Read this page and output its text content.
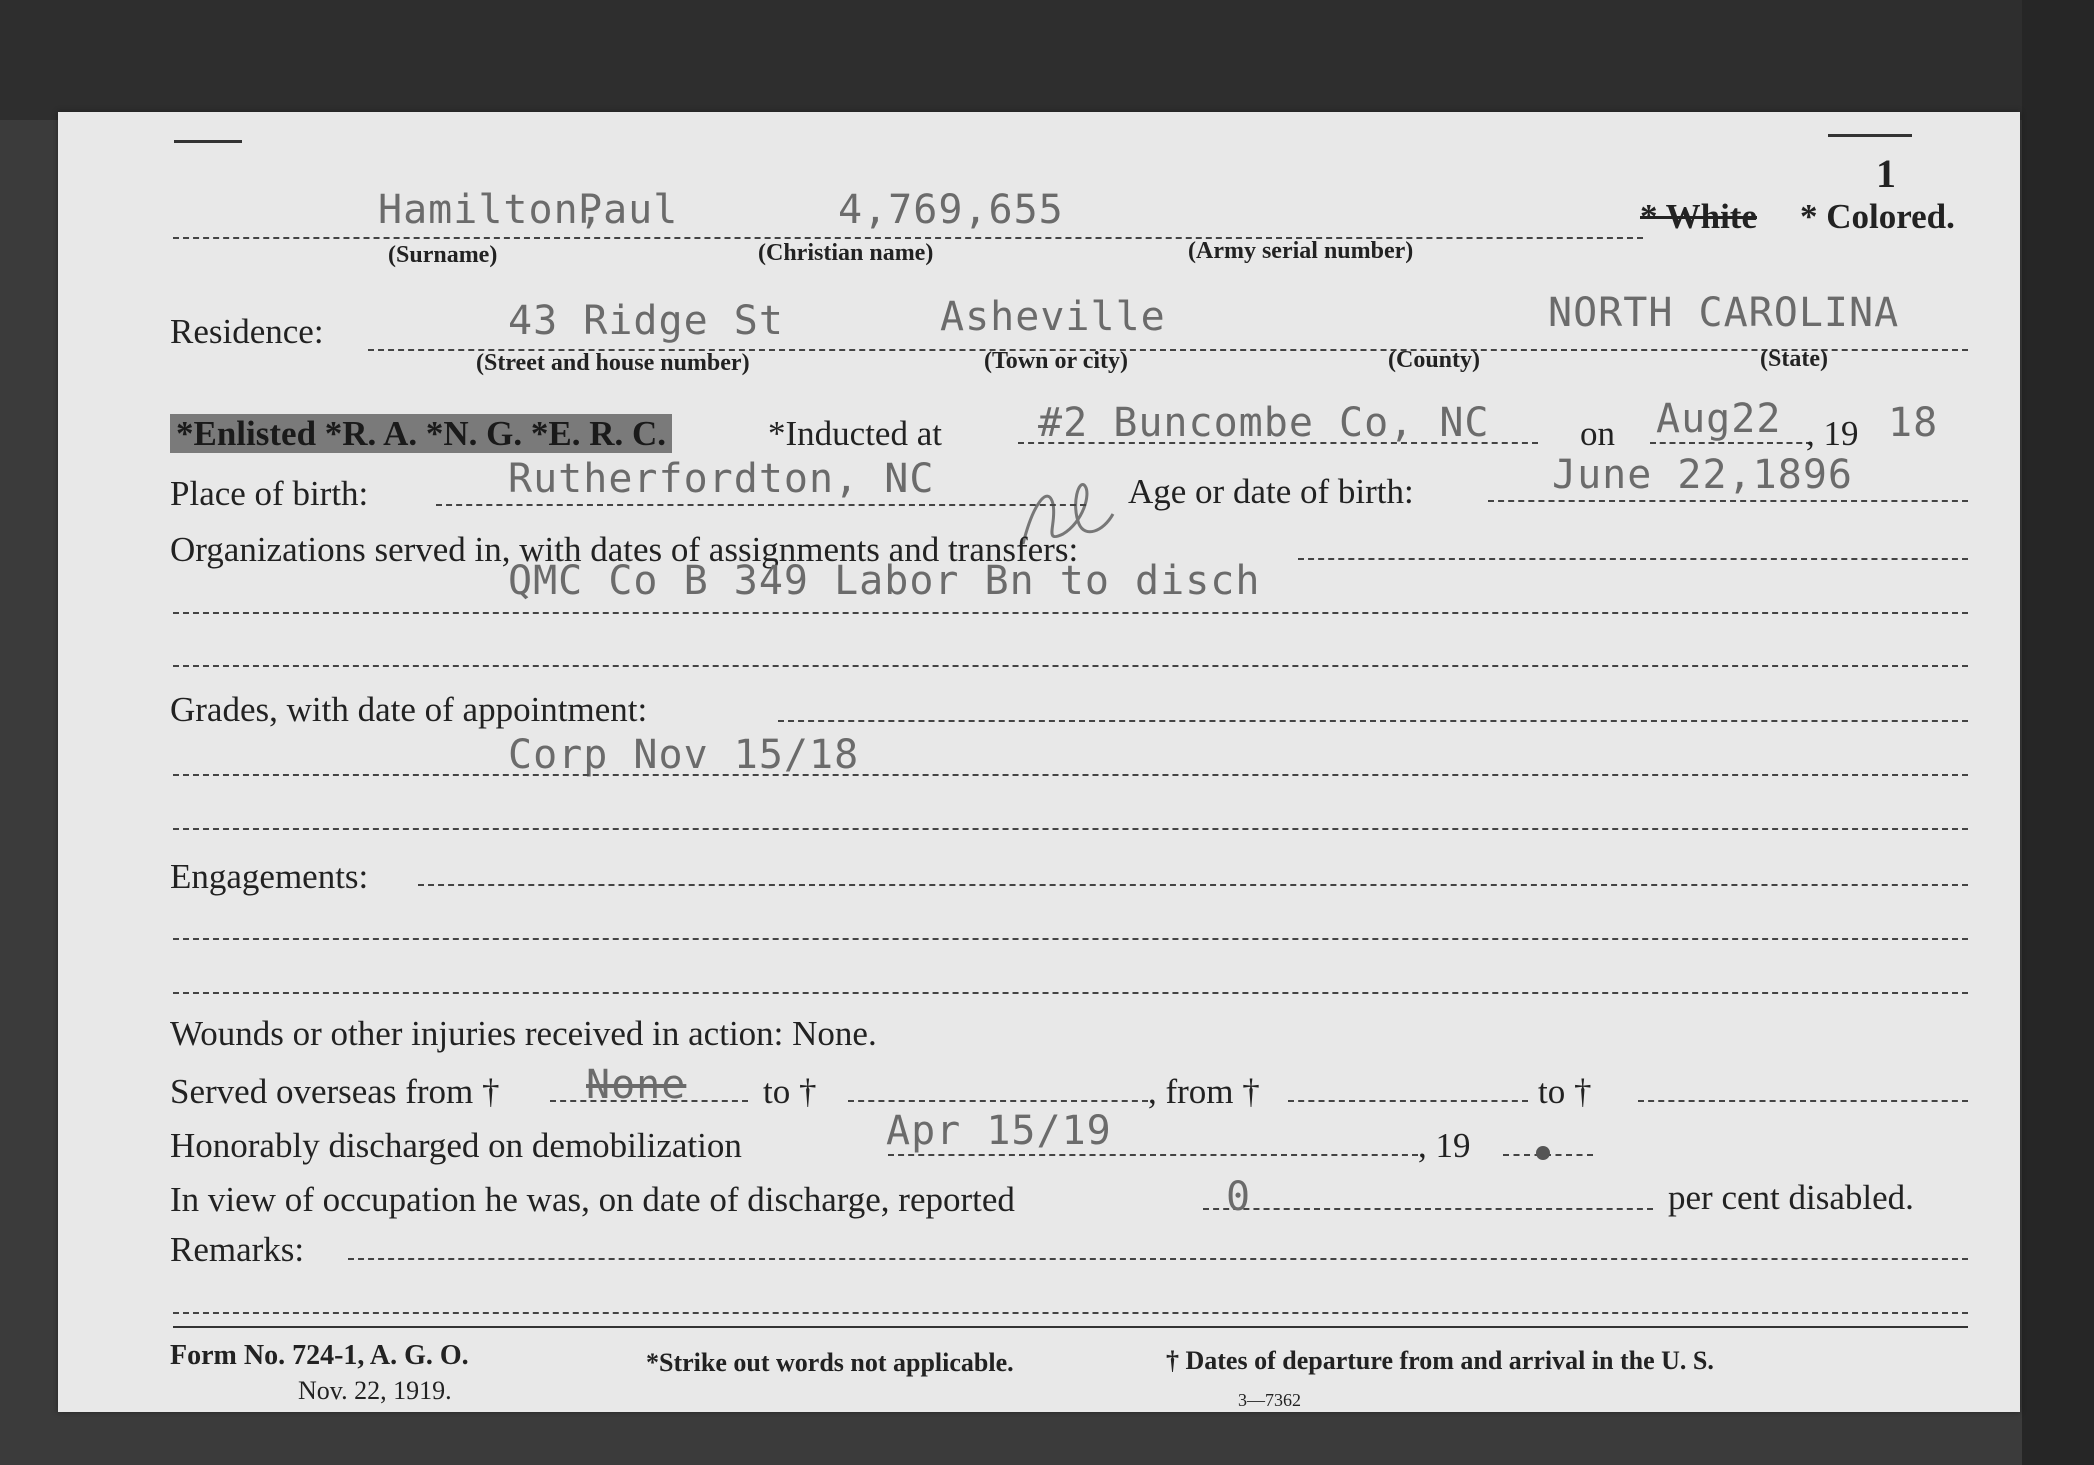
1
Hamilton,
Paul	4,769,655	* White * Colored.
(Surname)	(Christian name)	(Army serial number)
Residence:	43 Ridge St	Asheville	NORTH CAROLINA
(Street and house number)	(Town or city)	(County)	(State)
*Enlisted *R. A. *N. G. *E. R. C.	*Inducted at #2 Buncombe Co, NC	on Aug22 , 19 18
Place of birth:	Rutherfordton, NC	Age or date of birth:	June 22,1896
Organizations served in, with dates of assignments and transfers:
QMC Co B 349 Labor Bn to disch
Grades, with date of appointment:
Corp Nov 15/18
Engagements:
Wounds or other injuries received in action: None.
Served overseas from † None to †	, from †	to †
Honorably discharged on demobilization	Apr 15/19	, 19
In view of occupation he was, on date of discharge, reported	0	per cent disabled.
Remarks:
Form No. 724-1, A. G. O.
Nov. 22, 1919.
*Strike out words not applicable.	† Dates of departure from and arrival in the U. S.
3—7362
